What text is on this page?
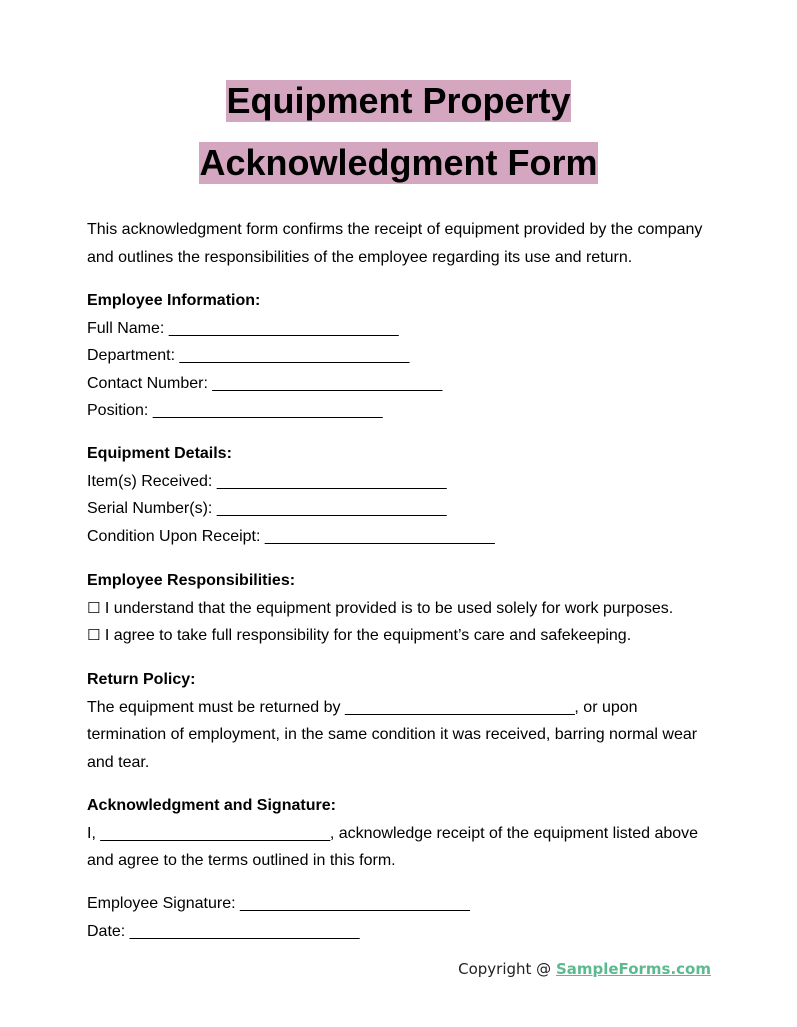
Equipment Property
Acknowledgment Form
This acknowledgment form confirms the receipt of equipment provided by the company and outlines the responsibilities of the employee regarding its use and return.
Employee Information:
Full Name: ___________________________
Department: ___________________________
Contact Number: ___________________________
Position: ___________________________
Equipment Details:
Item(s) Received: ___________________________
Serial Number(s): ___________________________
Condition Upon Receipt: ___________________________
Employee Responsibilities:
☐ I understand that the equipment provided is to be used solely for work purposes.
☐ I agree to take full responsibility for the equipment’s care and safekeeping.
Return Policy:
The equipment must be returned by ___________________________, or upon termination of employment, in the same condition it was received, barring normal wear and tear.
Acknowledgment and Signature:
I, ___________________________, acknowledge receipt of the equipment listed above and agree to the terms outlined in this form.
Employee Signature: ___________________________
Date: ___________________________
Copyright @ SampleForms.com
